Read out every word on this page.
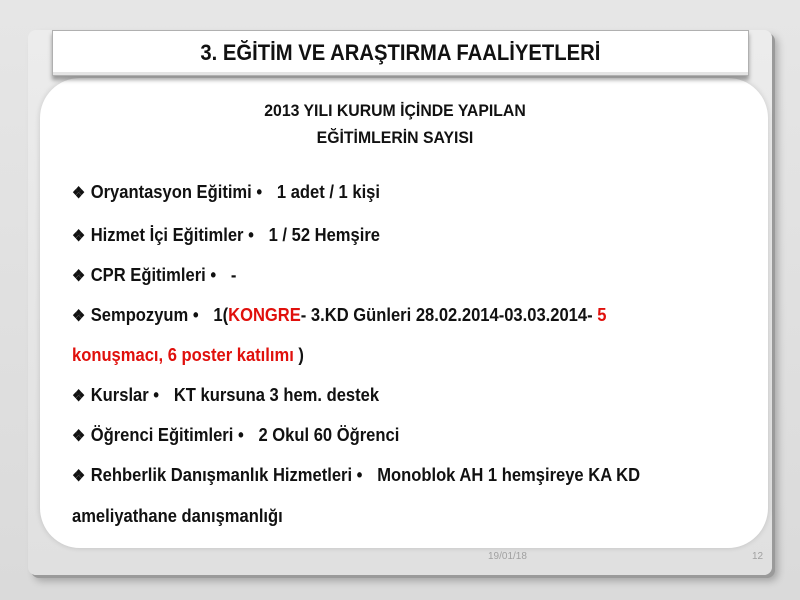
3. EĞİTİM VE ARAŞTIRMA FAALİYETLERİ
2013 YILI KURUM İÇİNDE YAPILAN
EĞİTİMLERİN SAYISI
❖ Oryantasyon Eğitimi • 1 adet / 1 kişi
❖ Hizmet İçi Eğitimler • 1 / 52 Hemşire
❖ CPR Eğitimleri • -
❖ Sempozyum • 1(KONGRE- 3.KD Günleri 28.02.2014-03.03.2014- 5
konuşmacı, 6 poster katılımı )
❖ Kurslar • KT kursuna 3 hem. destek
❖ Öğrenci Eğitimleri • 2 Okul 60 Öğrenci
❖ Rehberlik Danışmanlık Hizmetleri • Monoblok AH 1 hemşireye KA KD
ameliyathane danışmanlığı
19/01/18	12
